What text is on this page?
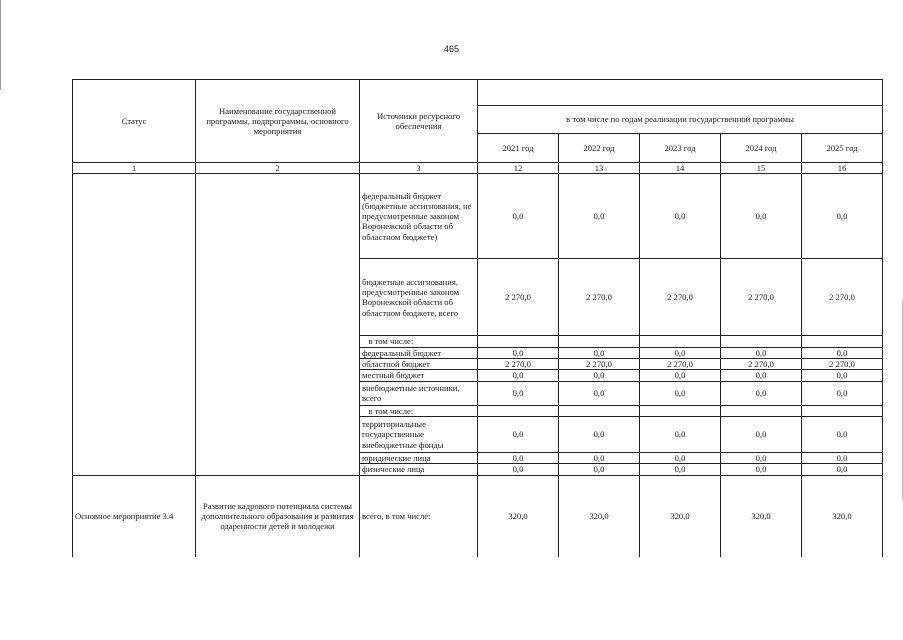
465
Статус	Наименование государственной программы, подпрограммы, основного мероприятия	Источники ресурсного обеспечения					
			в том числе по годам реализации государственной программы				
			2021 год	2022 год	2023 год	2024 год	2025 год
1	2	3	12	13	14	15	16
		федеральный бюджет (бюджетные ассигнования, не предусмотренные законом Воронежской области об областном бюджете)	0,0	0,0	0,0	0,0	0,0
		бюджетные ассигнования, предусмотренные законом Воронежской области об областном бюджете, всего	2 270,0	2 270,0	2 270,0	2 270,0	2 270,0
		в том числе:					
		федеральный бюджет	0,0	0,0	0,0	0,0	0,0
		областной бюджет	2 270,0	2 270,0	2 270,0	2 270,0	2 270,0
		местный бюджет	0,0	0,0	0,0	0,0	0,0
		внебюджетные источники, всего	0,0	0,0	0,0	0,0	0,0
		в том числе:					
		территориальные государственные внебюджетные фонды	0,0	0,0	0,0	0,0	0,0
		юридические лица	0,0	0,0	0,0	0,0	0,0
		физические лица	0,0	0,0	0,0	0,0	0,0
Основное мероприятие 3.4	Развитие кадрового потенциала системы дополнительного образования и развития одаренности детей и молодежи	всего, в том числе:	320,0	320,0	320,0	320,0	320,0
